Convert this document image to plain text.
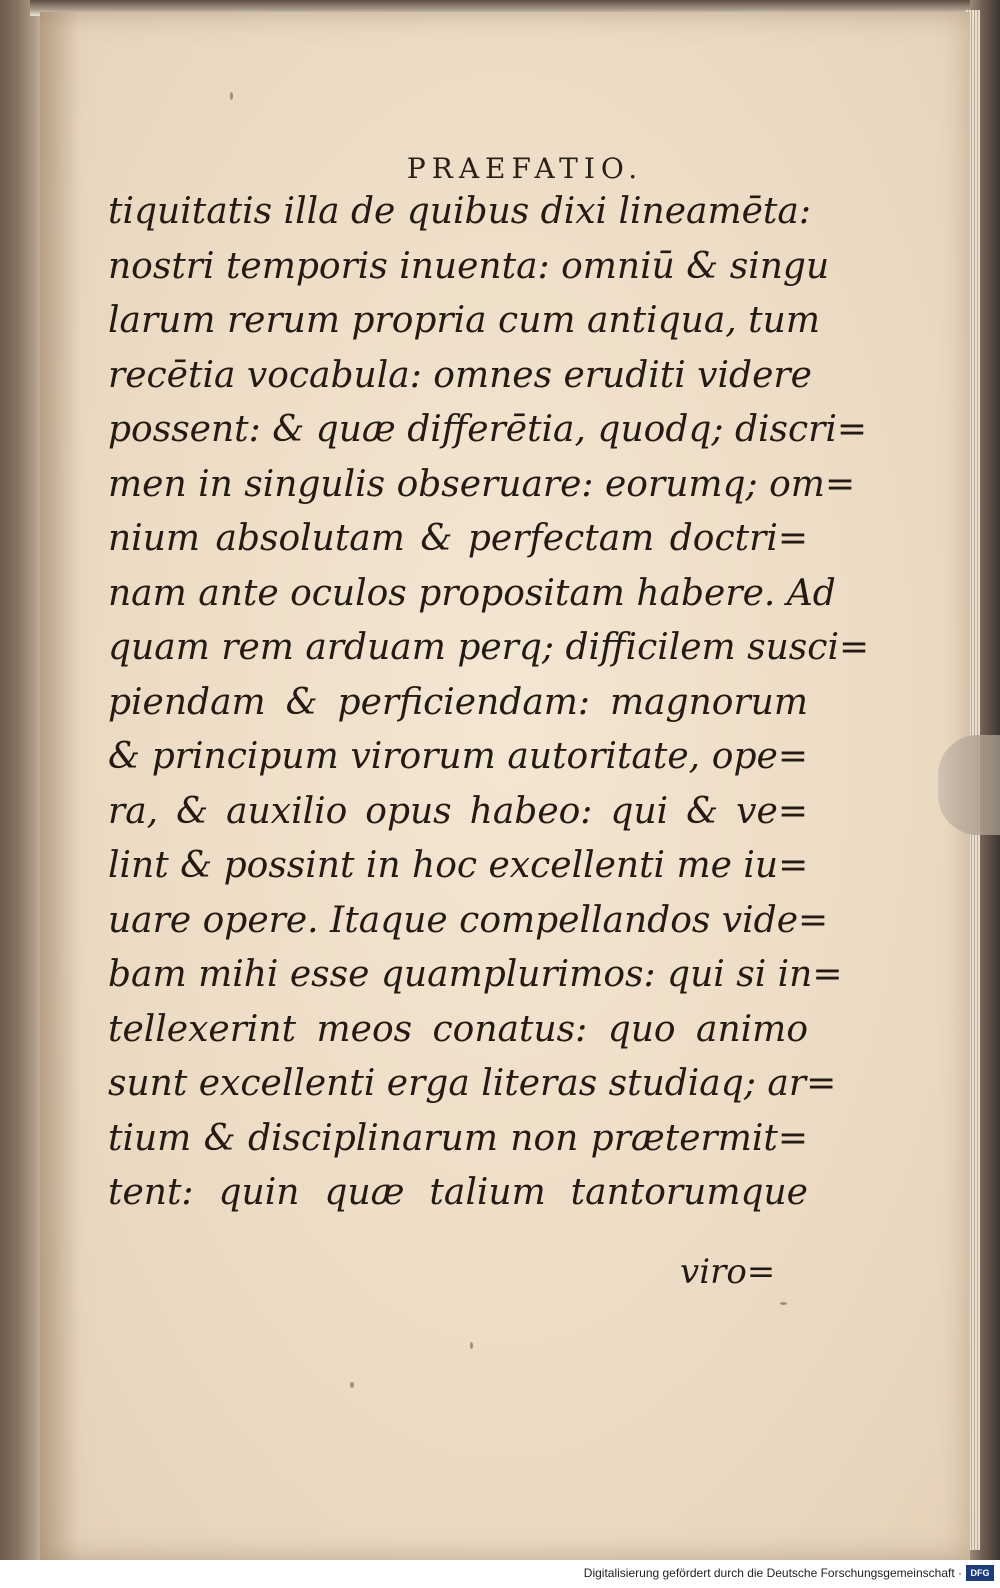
PRAEFATIO.
tiquitatis illa de quibus dixi lineamēta:
nostri temporis inuenta: omniū & singu
larum rerum propria cum antiqua, tum
recētia vocabula: omnes eruditi videre
possent: & quæ differētia, quodq; discri=
men in singulis obseruare: eorumq; om=
nium absolutam & perfectam doctri=
nam ante oculos propositam habere. Ad
quam rem arduam perq; difficilem susci=
piendam & perficiendam: magnorum
& principum virorum autoritate, ope=
ra, & auxilio opus habeo: qui & ve=
lint & possint in hoc excellenti me iu=
uare opere. Itaque compellandos vide=
bam mihi esse quamplurimos: qui si in=
tellexerint meos conatus: quo animo
sunt excellenti erga literas studiaq; ar=
tium & disciplinarum non prætermit=
tent: quin quæ talium tantorumque
viro=
Digitalisierung gefördert durch die Deutsche Forschungsgemeinschaft · DFG
